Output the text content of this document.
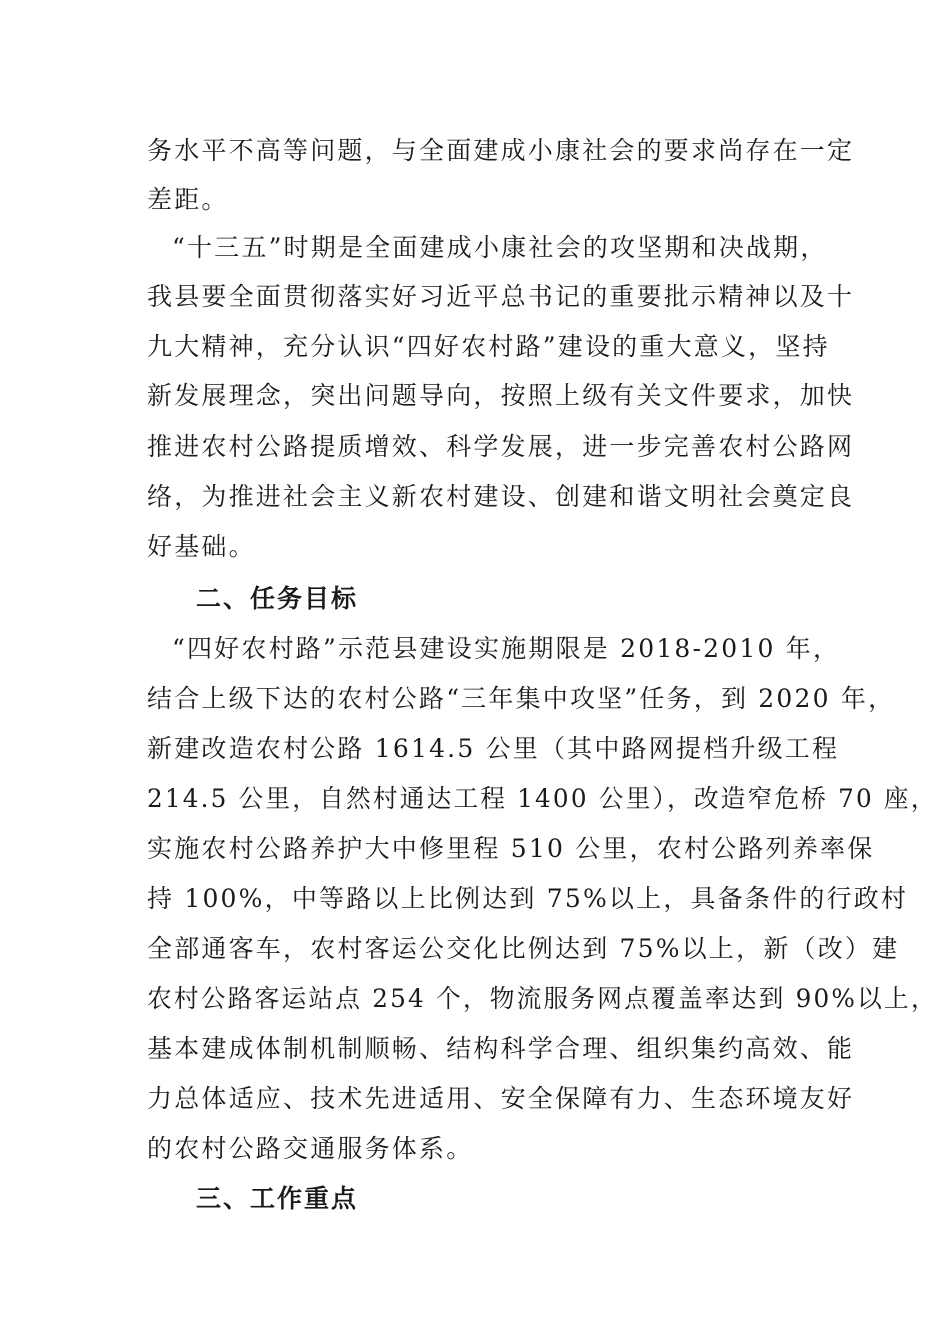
务水平不高等问题，与全面建成小康社会的要求尚存在一定
差距。
“十三五”时期是全面建成小康社会的攻坚期和决战期，
我县要全面贯彻落实好习近平总书记的重要批示精神以及十
九大精神，充分认识“四好农村路”建设的重大意义，坚持
新发展理念，突出问题导向，按照上级有关文件要求，加快
推进农村公路提质增效、科学发展，进一步完善农村公路网
络，为推进社会主义新农村建设、创建和谐文明社会奠定良
好基础。
二、任务目标
“四好农村路”示范县建设实施期限是 2018-2010 年，
结合上级下达的农村公路“三年集中攻坚”任务，到 2020 年，
新建改造农村公路 1614.5 公里（其中路网提档升级工程
214.5 公里，自然村通达工程 1400 公里），改造窄危桥 70 座，
实施农村公路养护大中修里程 510 公里，农村公路列养率保
持 100%，中等路以上比例达到 75%以上，具备条件的行政村
全部通客车，农村客运公交化比例达到 75%以上，新（改）建
农村公路客运站点 254 个，物流服务网点覆盖率达到 90%以上，
基本建成体制机制顺畅、结构科学合理、组织集约高效、能
力总体适应、技术先进适用、安全保障有力、生态环境友好
的农村公路交通服务体系。
三、工作重点
